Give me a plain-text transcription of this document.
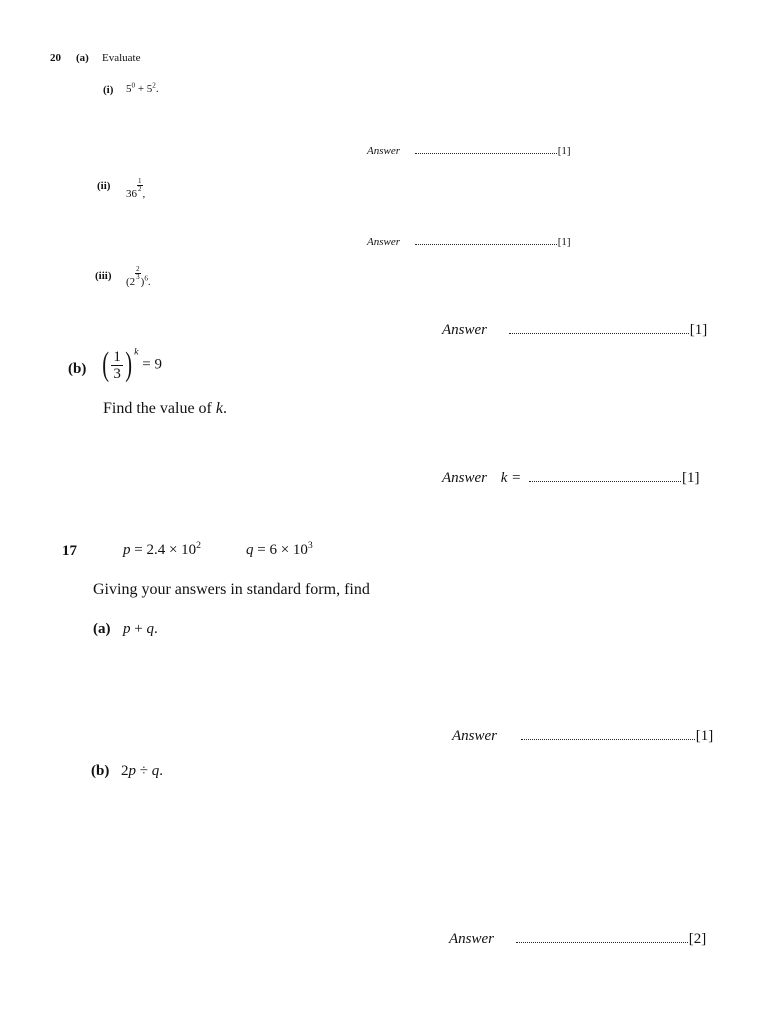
20 (a) Evaluate
(i) $5^0 + 5^2$.
Answer	[1]
(ii)
36
$\frac{1}{2}$
,
Answer	[1]
(iii) (2
$\frac{2}{3}$
)$^6$.
Answer	[1]
(b) ( $\frac{1}{3}$ ) $^k$ = 9
Find the value of k.
Answer k =	[1]
17	$p = 2.4 \times 10^2$	$q = 6 \times 10^3$
Giving your answers in standard form, find
(a) p + q.
Answer	[1]
(b) 2p ÷ q.
Answer	[2]
